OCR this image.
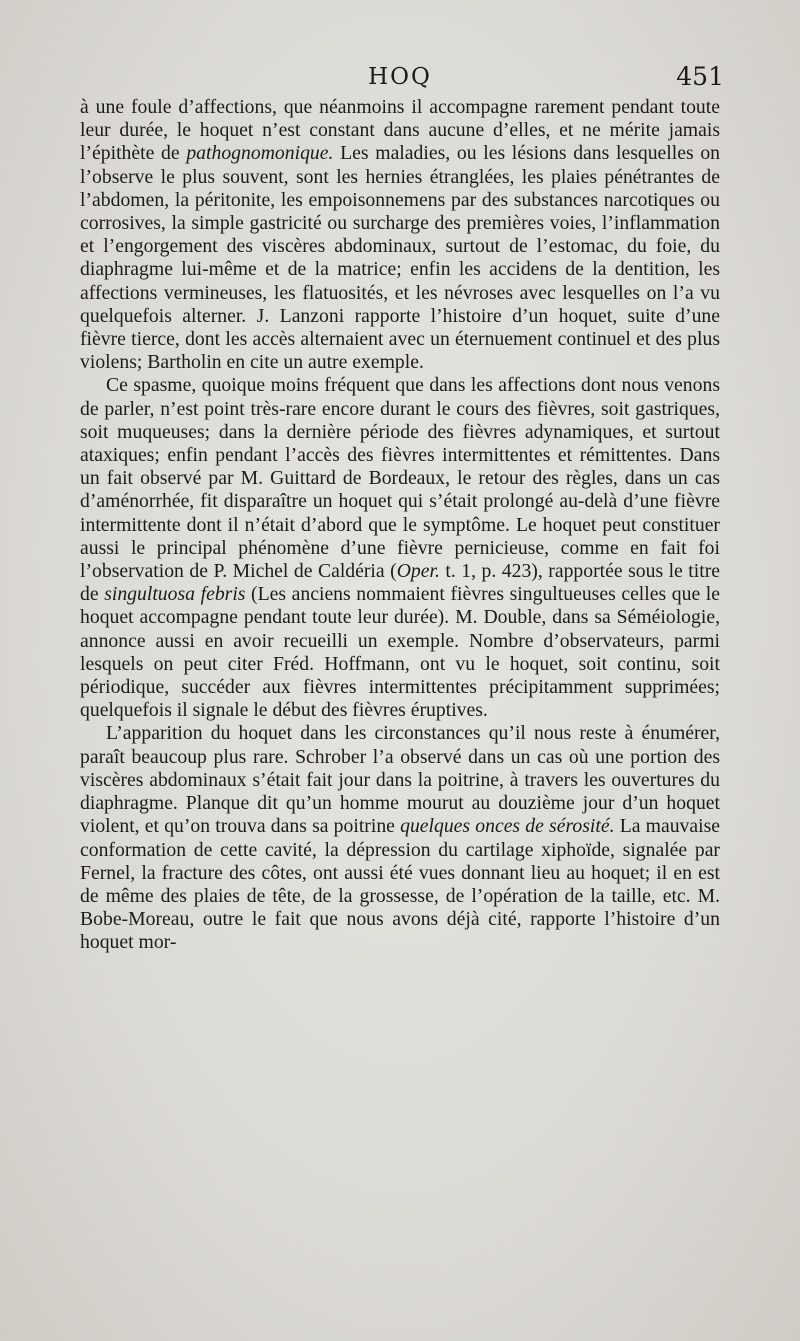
HOQ	451

à une foule d’affections, que néanmoins il accompagne rarement pendant toute leur durée, le hoquet n’est constant dans aucune d’elles, et ne mérite jamais l’épithète de pathognomonique. Les maladies, ou les lésions dans lesquelles on l’observe le plus souvent, sont les hernies étranglées, les plaies pénétrantes de l’abdomen, la péritonite, les empoisonnemens par des substances narcotiques ou corrosives, la simple gastricité ou surcharge des premières voies, l’inflammation et l’engorgement des viscères abdominaux, surtout de l’estomac, du foie, du diaphragme lui-même et de la matrice; enfin les accidens de la dentition, les affections vermineuses, les flatuosités, et les névroses avec lesquelles on l’a vu quelquefois alterner. J. Lanzoni rapporte l’histoire d’un hoquet, suite d’une fièvre tierce, dont les accès alternaient avec un éternuement continuel et des plus violens; Bartholin en cite un autre exemple.

Ce spasme, quoique moins fréquent que dans les affections dont nous venons de parler, n’est point très-rare encore durant le cours des fièvres, soit gastriques, soit muqueuses; dans la dernière période des fièvres adynamiques, et surtout ataxiques; enfin pendant l’accès des fièvres intermittentes et rémittentes. Dans un fait observé par M. Guittard de Bordeaux, le retour des règles, dans un cas d’aménorrhée, fit disparaître un hoquet qui s’était prolongé au-delà d’une fièvre intermittente dont il n’était d’abord que le symptôme. Le hoquet peut constituer aussi le principal phénomène d’une fièvre pernicieuse, comme en fait foi l’observation de P. Michel de Caldéria (Oper. t. 1, p. 423), rapportée sous le titre de singultuosa febris (Les anciens nommaient fièvres singultueuses celles que le hoquet accompagne pendant toute leur durée). M. Double, dans sa Séméiologie, annonce aussi en avoir recueilli un exemple. Nombre d’observateurs, parmi lesquels on peut citer Fréd. Hoffmann, ont vu le hoquet, soit continu, soit périodique, succéder aux fièvres intermittentes précipitamment supprimées; quelquefois il signale le début des fièvres éruptives.

L’apparition du hoquet dans les circonstances qu’il nous reste à énumérer, paraît beaucoup plus rare. Schrober l’a observé dans un cas où une portion des viscères abdominaux s’était fait jour dans la poitrine, à travers les ouvertures du diaphragme. Planque dit qu’un homme mourut au douzième jour d’un hoquet violent, et qu’on trouva dans sa poitrine quelques onces de sérosité. La mauvaise conformation de cette cavité, la dépression du cartilage xiphoïde, signalée par Fernel, la fracture des côtes, ont aussi été vues donnant lieu au hoquet; il en est de même des plaies de tête, de la grossesse, de l’opération de la taille, etc. M. Bobe-Moreau, outre le fait que nous avons déjà cité, rapporte l’histoire d’un hoquet mor-
